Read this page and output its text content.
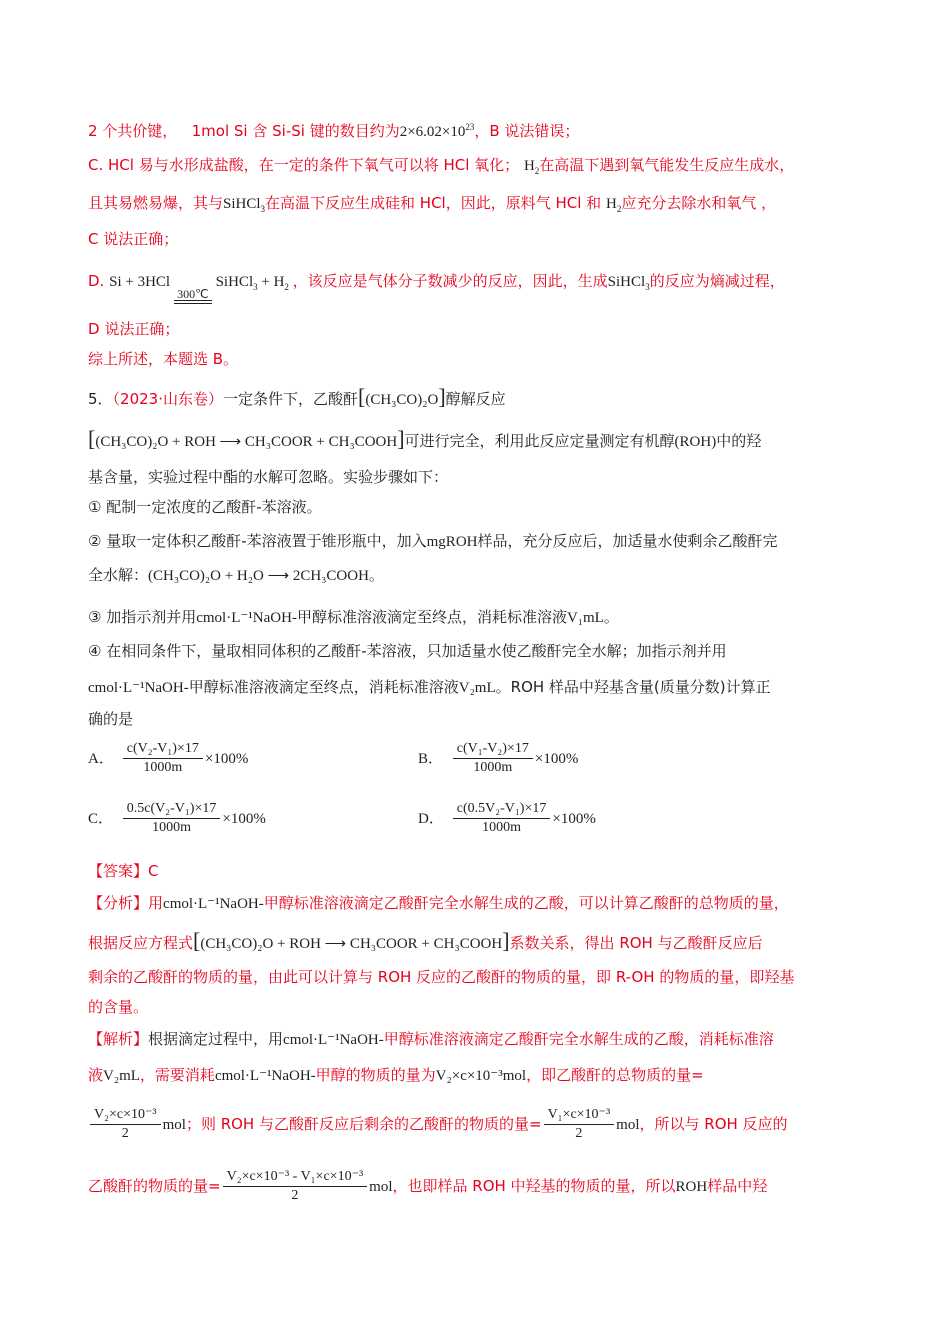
2 个共价键， 1mol Si 含 Si-Si 键的数目约为$2\times 6.02\times 10^{23}$，B 说法错误；
C. HCl 易与水形成盐酸，在一定的条件下氧气可以将 HCl 氧化； $H_2$在高温下遇到氧气能发生反应生成水，
且其易燃易爆，其与SiHCl$_3$在高温下反应生成硅和 HCl，因此，原料气 HCl 和 $H_2$应充分去除水和氧气 ，
C 说法正确；
D. Si + 3HCl
300℃
SiHCl$_3$ + $H_2$ ，该反应是气体分子数减少的反应，因此，生成SiHCl$_3$的反应为熵减过程，
D 说法正确；
综上所述，本题选 B。
5．（2023·山东卷）一定条件下，乙酸酐[(CH₃CO)₂O]醇解反应
[(CH₃CO)₂O + ROH ⟶ CH₃COOR + CH₃COOH]可进行完全，利用此反应定量测定有机醇(ROH)中的羟
基含量，实验过程中酯的水解可忽略。实验步骤如下：
① 配制一定浓度的乙酸酐-苯溶液。
② 量取一定体积乙酸酐-苯溶液置于锥形瓶中，加入mgROH样品，充分反应后，加适量水使剩余乙酸酐完
全水解：(CH₃CO)₂O + H₂O ⟶ 2CH₃COOH。
③ 加指示剂并用cmol·L⁻¹NaOH-甲醇标准溶液滴定至终点，消耗标准溶液V₁mL。
④ 在相同条件下，量取相同体积的乙酸酐-苯溶液，只加适量水使乙酸酐完全水解；加指示剂并用
cmol·L⁻¹NaOH-甲醇标准溶液滴定至终点，消耗标准溶液V₂mL。ROH 样品中羟基含量(质量分数)计算正
确的是
A． $\frac{\text{c(V₂-V₁)×17}}{1000m} \times 100\%$	B． $\frac{\text{c(V₁-V₂)×17}}{1000m} \times 100\%$
C． $\frac{\text{0.5c(V₂-V₁)×17}}{1000m} \times 100\%$	D． $\frac{\text{c(0.5V₂-V₁)×17}}{1000m} \times 100\%$
【答案】C
【分析】用cmol·L⁻¹NaOH-甲醇标准溶液滴定乙酸酐完全水解生成的乙酸，可以计算乙酸酐的总物质的量，
根据反应方程式[(CH₃CO)₂O + ROH ⟶ CH₃COOR + CH₃COOH]系数关系，得出 ROH 与乙酸酐反应后
剩余的乙酸酐的物质的量，由此可以计算与 ROH 反应的乙酸酐的物质的量，即 R-OH 的物质的量，即羟基
的含量。
【解析】根据滴定过程中，用cmol·L⁻¹NaOH-甲醇标准溶液滴定乙酸酐完全水解生成的乙酸，消耗标准溶
液V₂mL，需要消耗cmol·L⁻¹NaOH-甲醇的物质的量为V₂×c×10⁻³mol，即乙酸酐的总物质的量=
$\frac{\text{V₂×c×10⁻³}}{2}$ mol；则 ROH 与乙酸酐反应后剩余的乙酸酐的物质的量= $\frac{\text{V₁×c×10⁻³}}{2}$ mol，所以与 ROH 反应的
乙酸酐的物质的量= $\frac{\text{V₂×c×10⁻³ - V₁×c×10⁻³}}{2}$ mol，也即样品 ROH 中羟基的物质的量，所以ROH样品中羟
